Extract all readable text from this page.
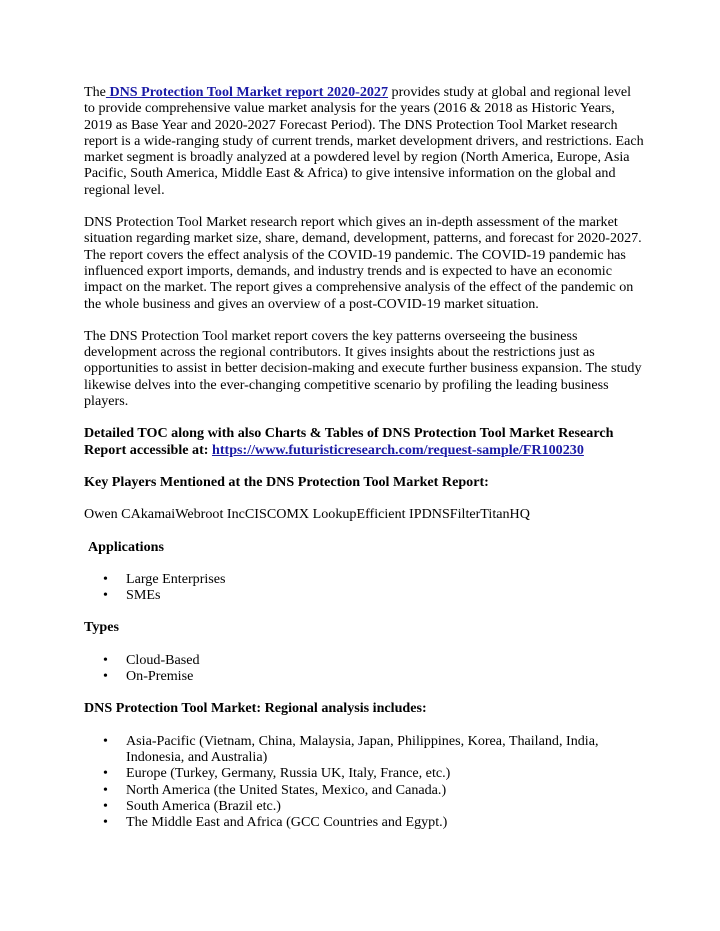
The DNS Protection Tool Market report 2020-2027 provides study at global and regional level to provide comprehensive value market analysis for the years (2016 & 2018 as Historic Years, 2019 as Base Year and 2020-2027 Forecast Period). The DNS Protection Tool Market research report is a wide-ranging study of current trends, market development drivers, and restrictions. Each market segment is broadly analyzed at a powdered level by region (North America, Europe, Asia Pacific, South America, Middle East & Africa) to give intensive information on the global and regional level.

DNS Protection Tool Market research report which gives an in-depth assessment of the market situation regarding market size, share, demand, development, patterns, and forecast for 2020-2027. The report covers the effect analysis of the COVID-19 pandemic. The COVID-19 pandemic has influenced export imports, demands, and industry trends and is expected to have an economic impact on the market. The report gives a comprehensive analysis of the effect of the pandemic on the whole business and gives an overview of a post-COVID-19 market situation.

The DNS Protection Tool market report covers the key patterns overseeing the business development across the regional contributors. It gives insights about the restrictions just as opportunities to assist in better decision-making and execute further business expansion. The study likewise delves into the ever-changing competitive scenario by profiling the leading business players.

Detailed TOC along with also Charts & Tables of DNS Protection Tool Market Research Report accessible at: https://www.futuristicresearch.com/request-sample/FR100230

Key Players Mentioned at the DNS Protection Tool Market Report:

Owen CAkamaiWebroot IncCISCOMX LookupEfficient IPDNSFilterTitanHQ

Applications

• Large Enterprises
• SMEs

Types

• Cloud-Based
• On-Premise

DNS Protection Tool Market: Regional analysis includes:

• Asia-Pacific (Vietnam, China, Malaysia, Japan, Philippines, Korea, Thailand, India, Indonesia, and Australia)
• Europe (Turkey, Germany, Russia UK, Italy, France, etc.)
• North America (the United States, Mexico, and Canada.)
• South America (Brazil etc.)
• The Middle East and Africa (GCC Countries and Egypt.)
